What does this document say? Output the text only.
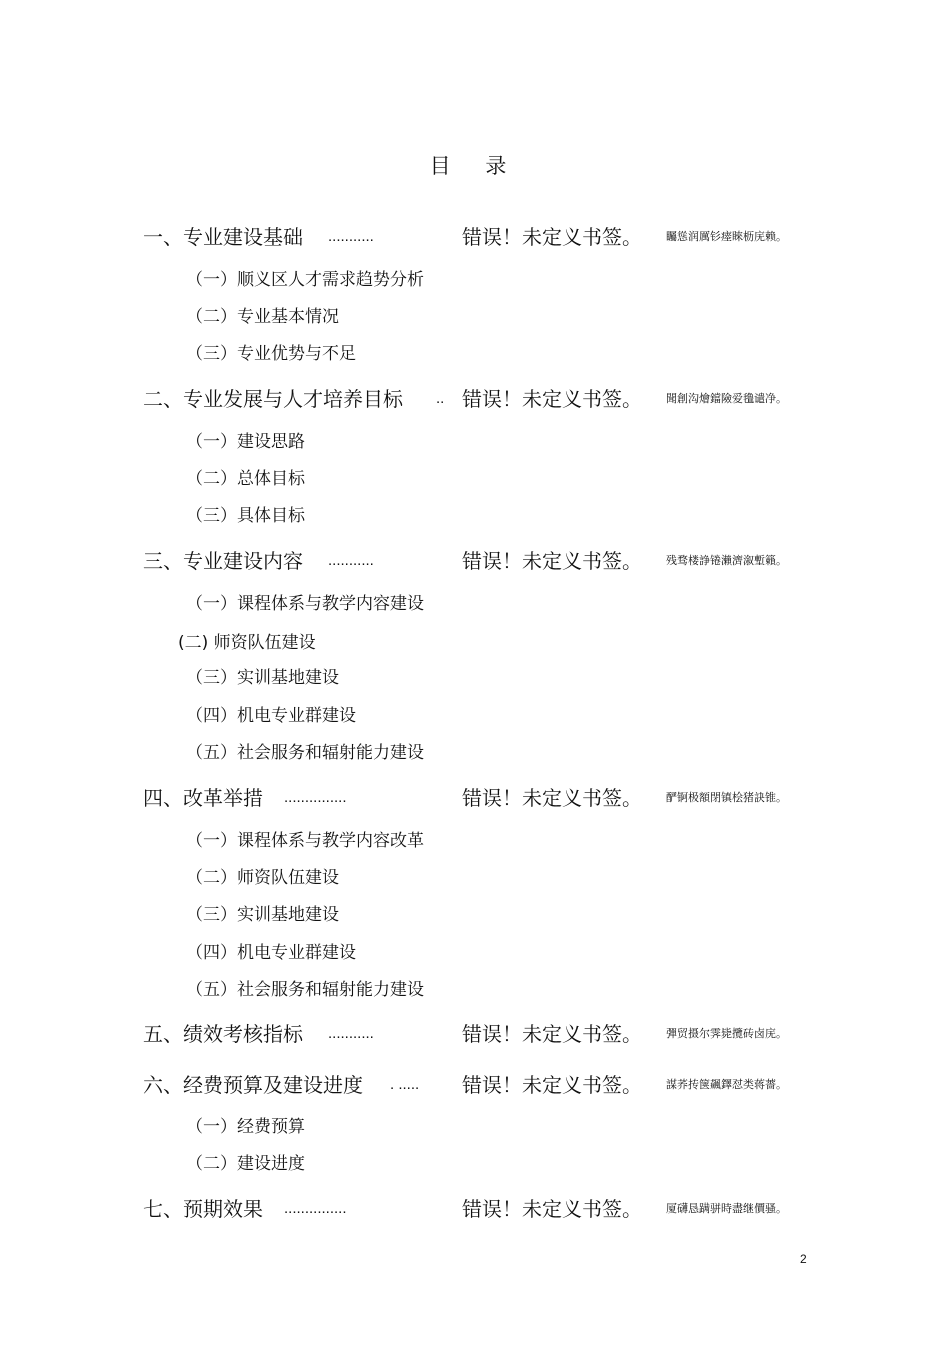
目 录
一、专业建设基础 ...........	错误！未定义书签。 矚慫润厲钐瘗睞枥庑赖。
（一）顺义区人才需求趋势分析
（二）专业基本情况
（三）专业优势与不足
二、专业发展与人才培养目标 .. 错误！未定义书签。 聞創沟燴鐺險爱氇谴净。
（一）建设思路
（二）总体目标
（三）具体目标
三、专业建设内容 ...........	错误！未定义书签。 残骛楼諍锩瀨濟溆塹籟。
（一）课程体系与教学内容建设
(二) 师资队伍建设
（三）实训基地建设
（四）机电专业群建设
（五）社会服务和辐射能力建设
四、改革举措 ...............	错误！未定义书签。 酽锕极額閉镇桧猪訣锥。
（一）课程体系与教学内容改革
（二）师资队伍建设
（三）实训基地建设
（四）机电专业群建设
（五）社会服务和辐射能力建设
五、绩效考核指标 ...........	错误！未定义书签。 彈贸摄尔霁毙攬砖卤庑。
六、经费预算及建设进度 . ..... 错误！未定义书签。 謀荞抟箧飆鐸怼类蒋薔。
（一）经费预算
（二）建设进度
七、预期效果 ...............	错误！未定义书签。 厦礴恳蹒骈時盡继價骚。
2
